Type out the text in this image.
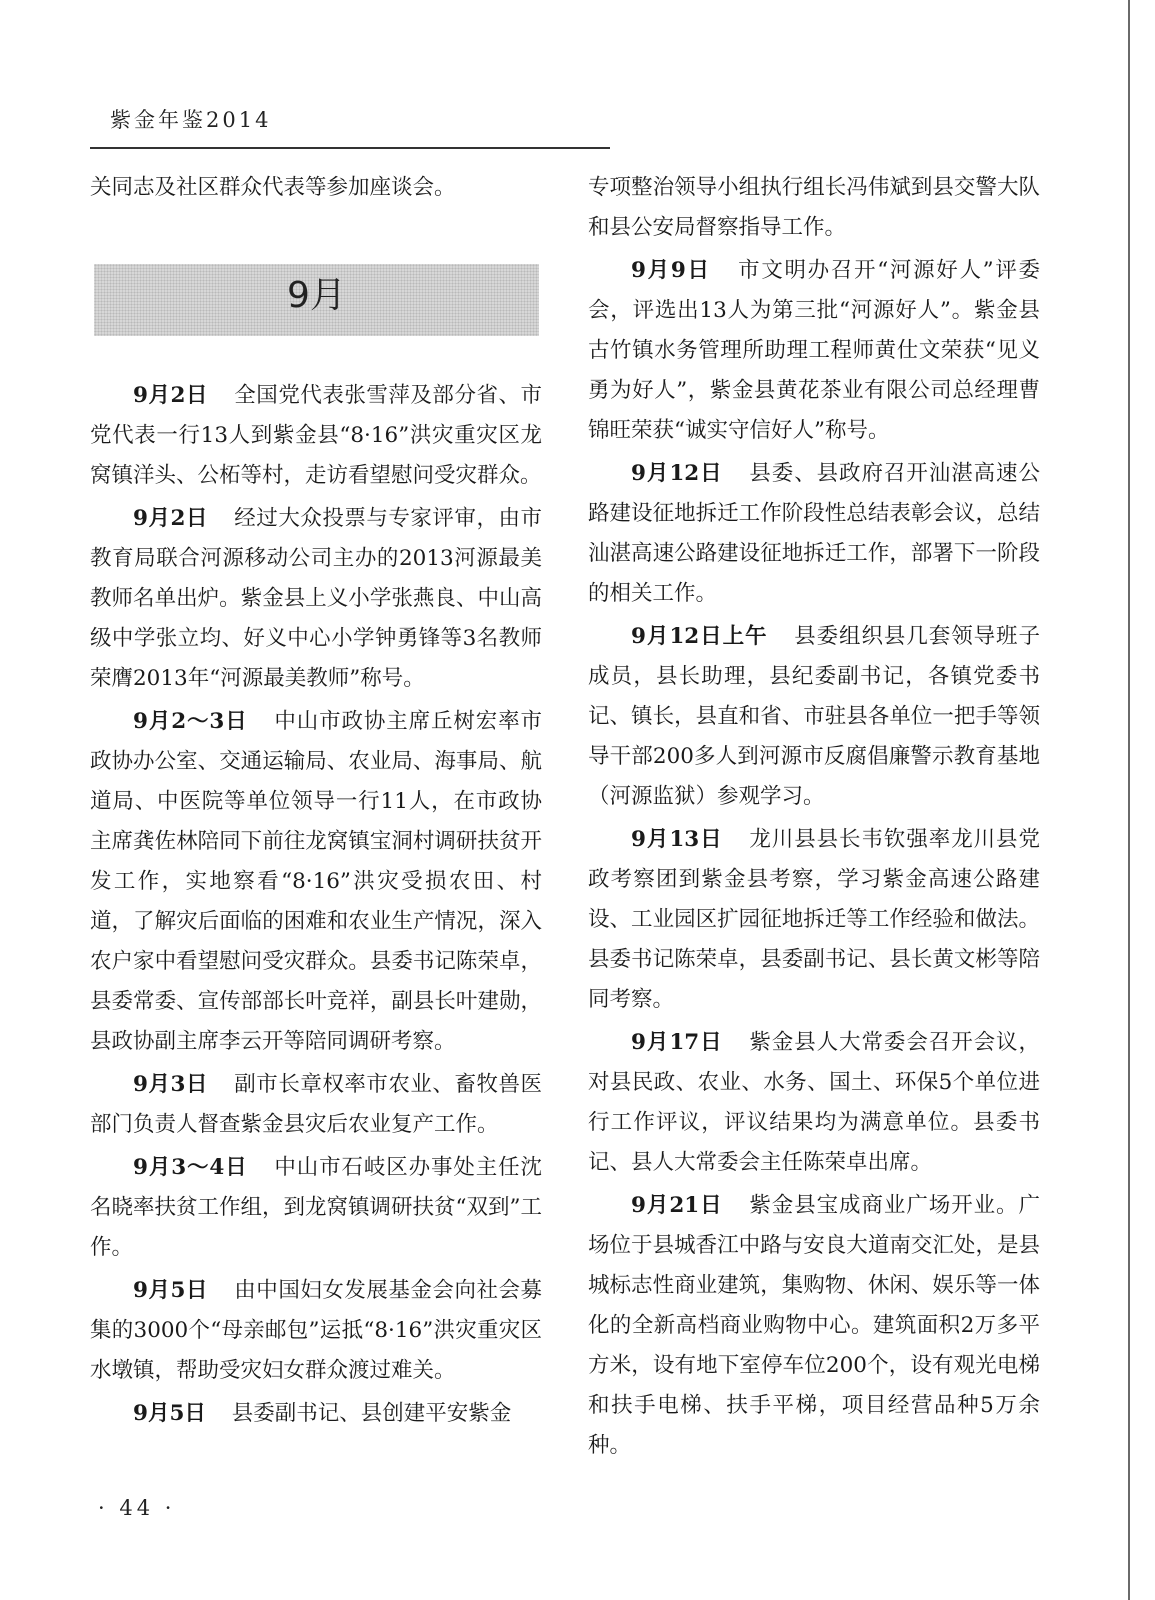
紫金年鉴2014

关同志及社区群众代表等参加座谈会。

9月

9月2日 全国党代表张雪萍及部分省、市党代表一行13人到紫金县“8·16”洪灾重灾区龙窝镇洋头、公柘等村，走访看望慰问受灾群众。

9月2日 经过大众投票与专家评审，由市教育局联合河源移动公司主办的2013河源最美教师名单出炉。紫金县上义小学张燕良、中山高级中学张立均、好义中心小学钟勇锋等3名教师荣膺2013年“河源最美教师”称号。

9月2～3日 中山市政协主席丘树宏率市政协办公室、交通运输局、农业局、海事局、航道局、中医院等单位领导一行11人，在市政协主席龚佐林陪同下前往龙窝镇宝洞村调研扶贫开发工作，实地察看“8·16”洪灾受损农田、村道，了解灾后面临的困难和农业生产情况，深入农户家中看望慰问受灾群众。县委书记陈荣卓，县委常委、宣传部部长叶竞祥，副县长叶建勋，县政协副主席李云开等陪同调研考察。

9月3日 副市长章权率市农业、畜牧兽医部门负责人督查紫金县灾后农业复产工作。

9月3～4日 中山市石岐区办事处主任沈名晓率扶贫工作组，到龙窝镇调研扶贫“双到”工作。

9月5日 由中国妇女发展基金会向社会募集的3000个“母亲邮包”运抵“8·16”洪灾重灾区水墩镇，帮助受灾妇女群众渡过难关。

9月5日 县委副书记、县创建平安紫金

专项整治领导小组执行组长冯伟斌到县交警大队和县公安局督察指导工作。

9月9日 市文明办召开“河源好人”评委会，评选出13人为第三批“河源好人”。紫金县古竹镇水务管理所助理工程师黄仕文荣获“见义勇为好人”，紫金县黄花茶业有限公司总经理曹锦旺荣获“诚实守信好人”称号。

9月12日 县委、县政府召开汕湛高速公路建设征地拆迁工作阶段性总结表彰会议，总结汕湛高速公路建设征地拆迁工作，部署下一阶段的相关工作。

9月12日上午 县委组织县几套领导班子成员，县长助理，县纪委副书记，各镇党委书记、镇长，县直和省、市驻县各单位一把手等领导干部200多人到河源市反腐倡廉警示教育基地（河源监狱）参观学习。

9月13日 龙川县县长韦钦强率龙川县党政考察团到紫金县考察，学习紫金高速公路建设、工业园区扩园征地拆迁等工作经验和做法。县委书记陈荣卓，县委副书记、县长黄文彬等陪同考察。

9月17日 紫金县人大常委会召开会议，对县民政、农业、水务、国土、环保5个单位进行工作评议，评议结果均为满意单位。县委书记、县人大常委会主任陈荣卓出席。

9月21日 紫金县宝成商业广场开业。广场位于县城香江中路与安良大道南交汇处，是县城标志性商业建筑，集购物、休闲、娱乐等一体化的全新高档商业购物中心。建筑面积2万多平方米，设有地下室停车位200个，设有观光电梯和扶手电梯、扶手平梯，项目经营品种5万余种。

· 44 ·
